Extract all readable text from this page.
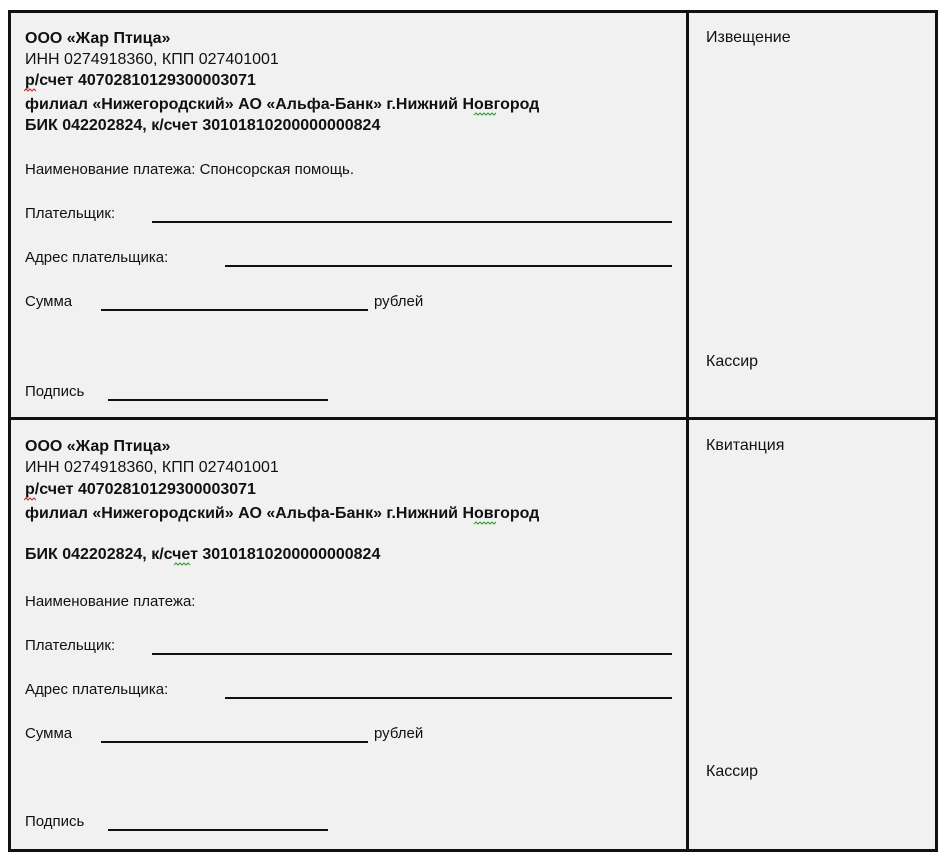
ООО «Жар Птица»
ИНН 0274918360, КПП 027401001
р/счет 40702810129300003071
филиал «Нижегородский» АО «Альфа-Банк» г.Нижний Новгород
БИК 042202824, к/счет 30101810200000000824
Наименование платежа: Спонсорская помощь.
Плательщик:
Адрес плательщика:
Сумма	рублей
Подпись
Извещение
Кассир
ООО «Жар Птица»
ИНН 0274918360, КПП 027401001
р/счет 40702810129300003071
филиал «Нижегородский» АО «Альфа-Банк» г.Нижний Новгород
БИК 042202824, к/счет 30101810200000000824
Наименование платежа:
Плательщик:
Адрес плательщика:
Сумма	рублей
Подпись
Квитанция
Кассир
